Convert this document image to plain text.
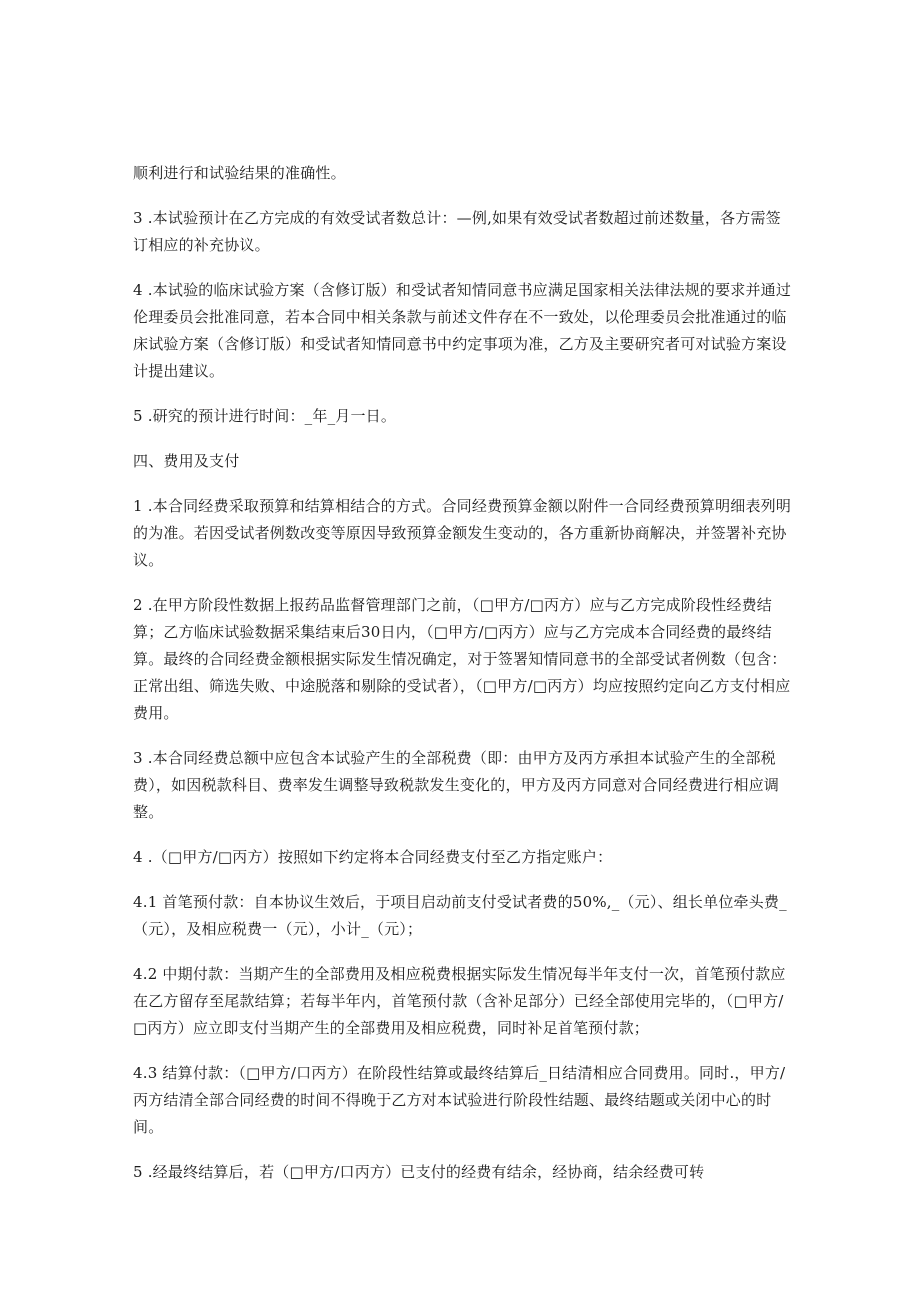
顺利进行和试验结果的准确性。

3 .本试验预计在乙方完成的有效受试者数总计：—例,如果有效受试者数超过前述数量，各方需签订相应的补充协议。

4 .本试验的临床试验方案（含修订版）和受试者知情同意书应满足国家相关法律法规的要求并通过伦理委员会批准同意，若本合同中相关条款与前述文件存在不一致处，以伦理委员会批准通过的临床试验方案（含修订版）和受试者知情同意书中约定事项为准，乙方及主要研究者可对试验方案设计提出建议。

5 .研究的预计进行时间：_年_月一日。

四、费用及支付

1 .本合同经费采取预算和结算相结合的方式。合同经费预算金额以附件一合同经费预算明细表列明的为准。若因受试者例数改变等原因导致预算金额发生变动的，各方重新协商解决，并签署补充协议。

2 .在甲方阶段性数据上报药品监督管理部门之前，（□甲方/□丙方）应与乙方完成阶段性经费结算；乙方临床试验数据采集结束后30日内，（□甲方/□丙方）应与乙方完成本合同经费的最终结算。最终的合同经费金额根据实际发生情况确定，对于签署知情同意书的全部受试者例数（包含：正常出组、筛选失败、中途脱落和剔除的受试者），（□甲方/□丙方）均应按照约定向乙方支付相应费用。

3 .本合同经费总额中应包含本试验产生的全部税费（即：由甲方及丙方承担本试验产生的全部税费），如因税款科目、费率发生调整导致税款发生变化的，甲方及丙方同意对合同经费进行相应调整。

4 .（□甲方/□丙方）按照如下约定将本合同经费支付至乙方指定账户：

4.1 首笔预付款：自本协议生效后，于项目启动前支付受试者费的50%,_（元）、组长单位牵头费_（元），及相应税费一（元），小计_（元）；

4.2 中期付款：当期产生的全部费用及相应税费根据实际发生情况每半年支付一次，首笔预付款应在乙方留存至尾款结算；若每半年内，首笔预付款（含补足部分）已经全部使用完毕的，（□甲方/□丙方）应立即支付当期产生的全部费用及相应税费，同时补足首笔预付款；

4.3 结算付款：（□甲方/口丙方）在阶段性结算或最终结算后_日结清相应合同费用。同时.，甲方/丙方结清全部合同经费的时间不得晚于乙方对本试验进行阶段性结题、最终结题或关闭中心的时间。

5 .经最终结算后，若（□甲方/口丙方）已支付的经费有结余，经协商，结余经费可转
